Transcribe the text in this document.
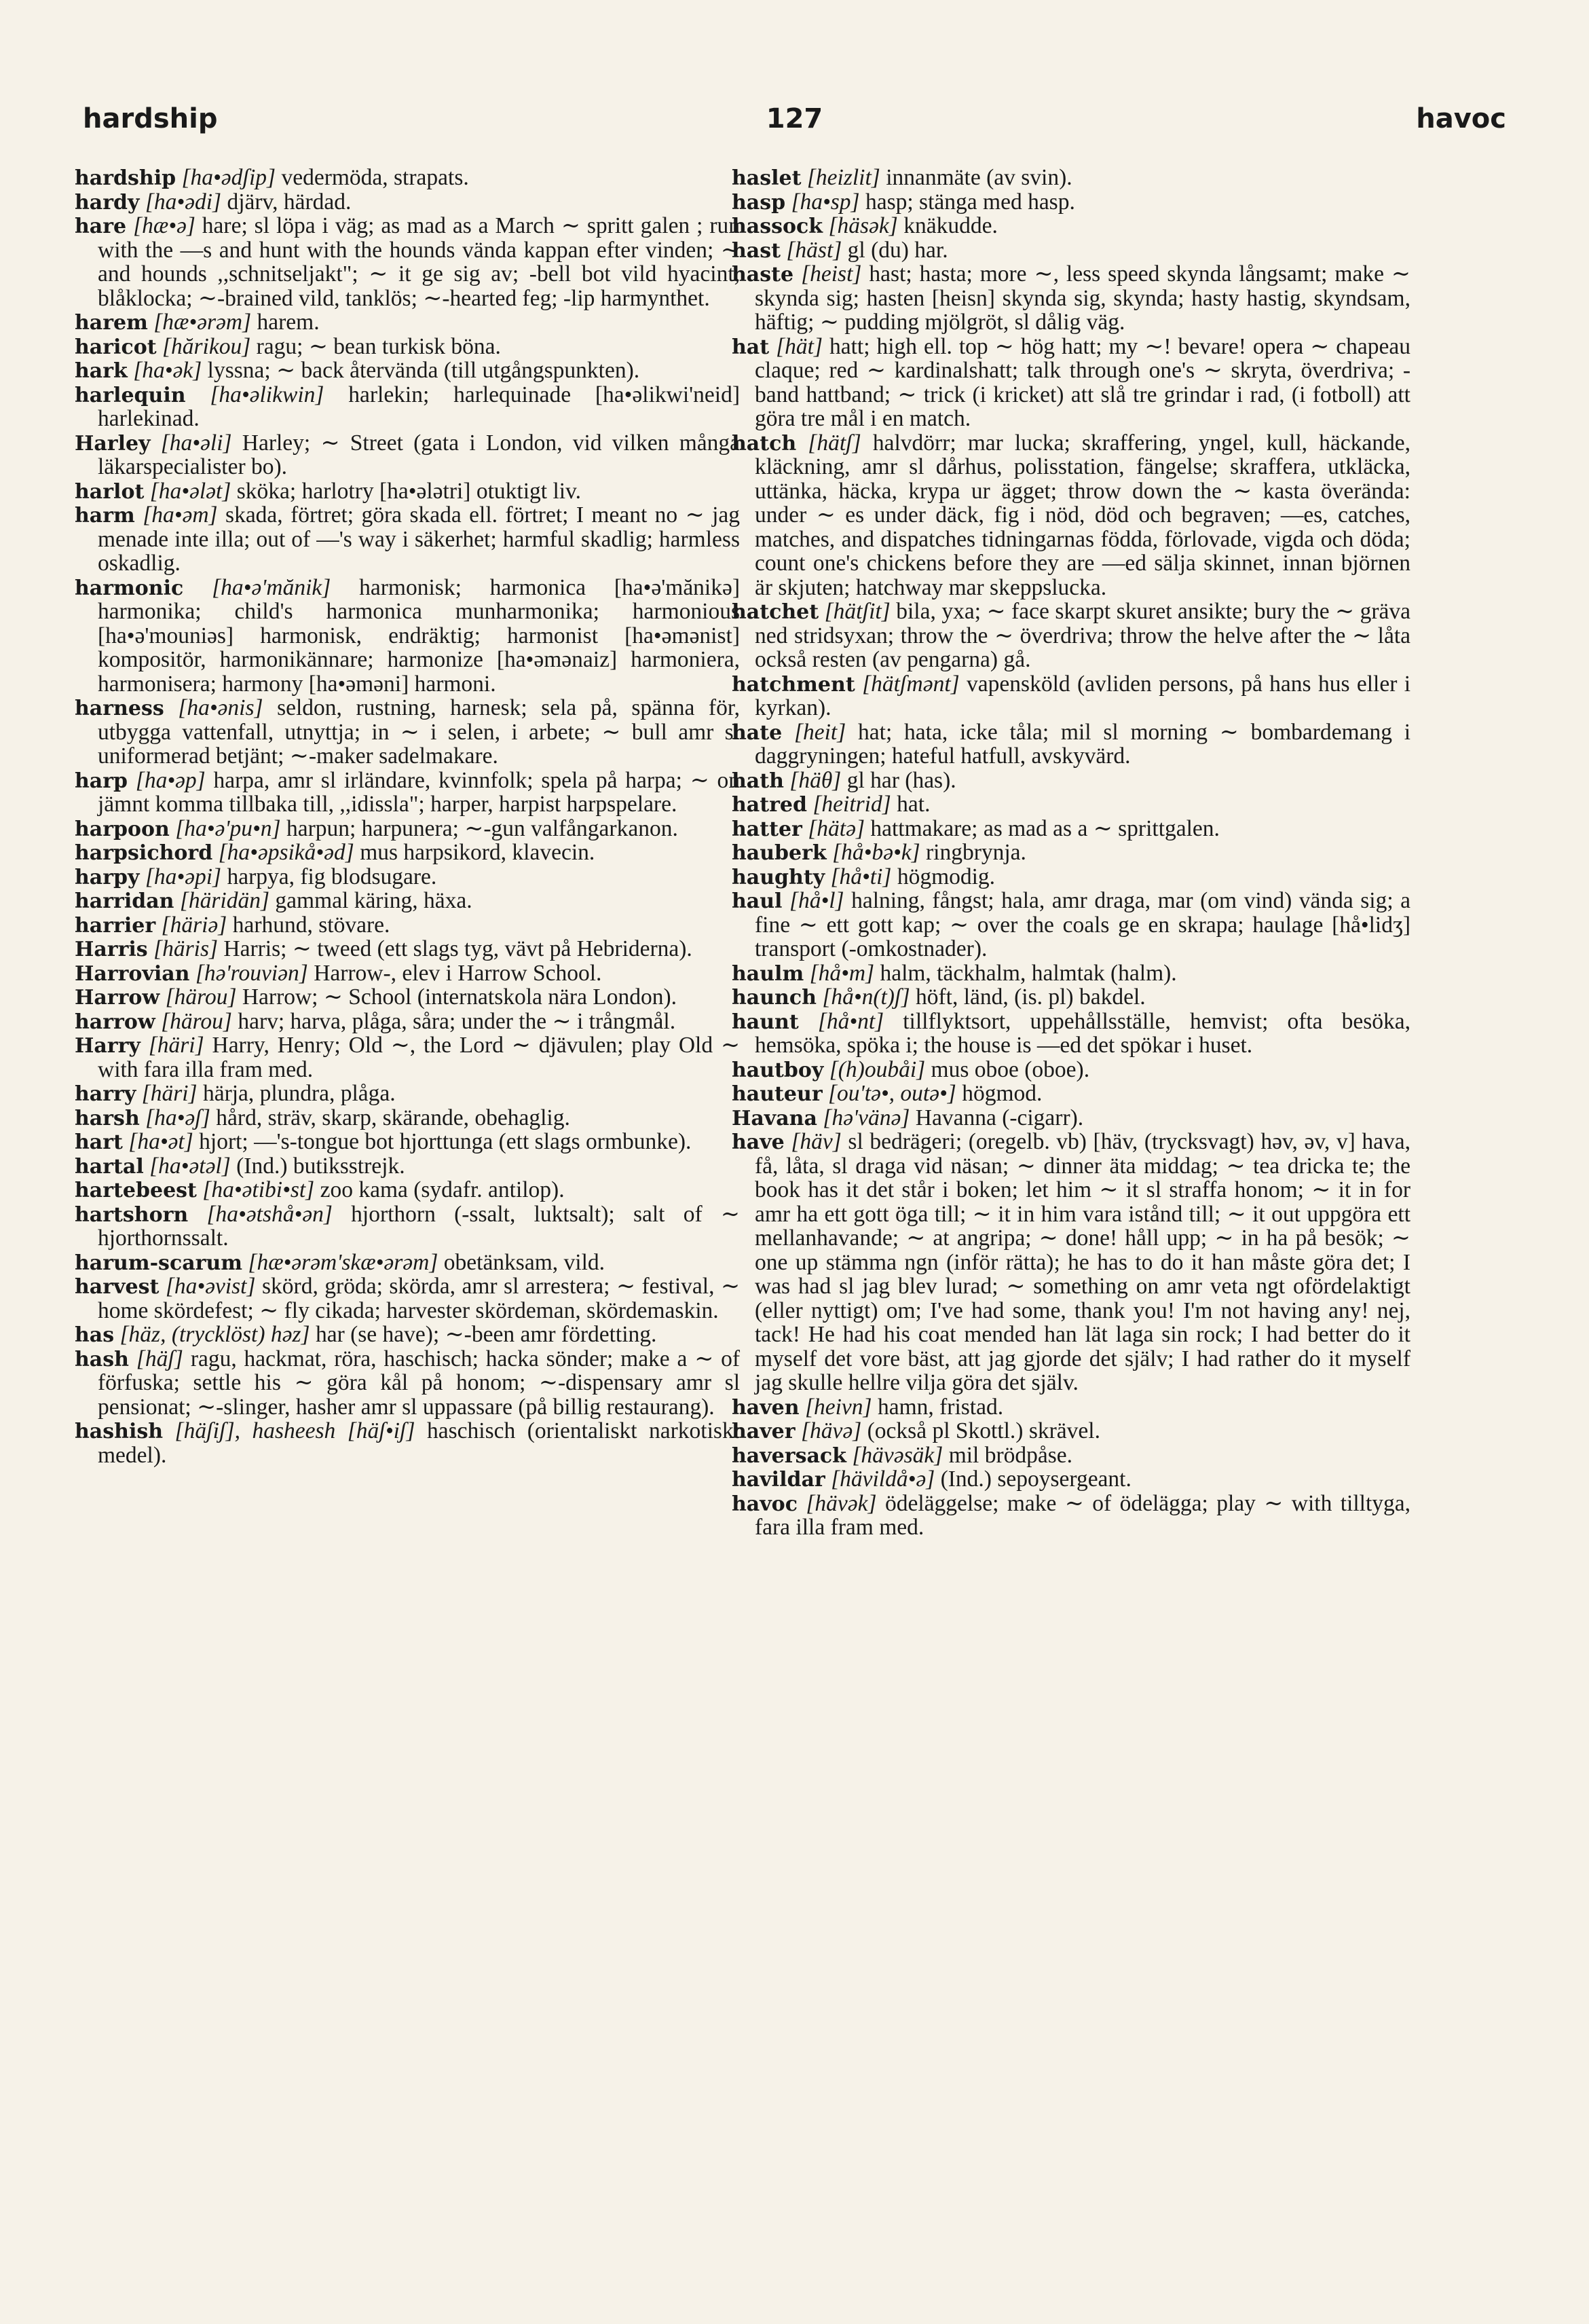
hardship	127	havoc
hardship [ha•ədʃip] vedermöda, strapats.
hardy [ha•ədi] djärv, härdad.
hare [hæ•ə] hare; sl löpa i väg; as mad as a March ∼ spritt galen ; run with the —s and hunt with the hounds vända kappan efter vinden; ∼ and hounds ,,schnitseljakt"; ∼ it ge sig av; -bell bot vild hyacint, blåklocka; ∼-brained vild, tanklös; ∼-hearted feg; -lip harmynthet.
harem [hæ•ərəm] harem.
haricot [hărikou] ragu; ∼ bean turkisk böna.
hark [ha•ək] lyssna; ∼ back återvända (till utgångspunkten).
harlequin [ha•əlikwin] harlekin; harlequinade [ha•əlikwi'neid] harlekinad.
Harley [ha•əli] Harley; ∼ Street (gata i London, vid vilken många läkarspecialister bo).
harlot [ha•ələt] sköka; harlotry [ha•ələtri] otuktigt liv.
harm [ha•əm] skada, förtret; göra skada ell. förtret; I meant no ∼ jag menade inte illa; out of —'s way i säkerhet; harmful skadlig; harmless oskadlig.
harmonic [ha•ə'mănik] harmonisk; harmonica [ha•ə'mănikə] harmonika; child's harmonica munharmonika; harmonious [ha•ə'mouniəs] harmonisk, endräktig; harmonist [ha•əmənist] kompositör, harmonikännare; harmonize [ha•əmənaiz] harmoniera, harmonisera; harmony [ha•əməni] harmoni.
harness [ha•ənis] seldon, rustning, harnesk; sela på, spänna för, utbygga vattenfall, utnyttja; in ∼ i selen, i arbete; ∼ bull amr sl uniformerad betjänt; ∼-maker sadelmakare.
harp [ha•əp] harpa, amr sl irländare, kvinnfolk; spela på harpa; ∼ on jämnt komma tillbaka till, ,,idissla"; harper, harpist harpspelare.
harpoon [ha•ə'pu•n] harpun; harpunera; ∼-gun valfångarkanon.
harpsichord [ha•əpsikå•əd] mus harpsikord, klavecin.
harpy [ha•əpi] harpya, fig blodsugare.
harridan [häridän] gammal käring, häxa.
harrier [häriə] harhund, stövare.
Harris [häris] Harris; ∼ tweed (ett slags tyg, vävt på Hebriderna).
Harrovian [hə'rouviən] Harrow-, elev i Harrow School.
Harrow [härou] Harrow; ∼ School (internatskola nära London).
harrow [härou] harv; harva, plåga, såra; under the ∼ i trångmål.
Harry [häri] Harry, Henry; Old ∼, the Lord ∼ djävulen; play Old ∼ with fara illa fram med.
harry [häri] härja, plundra, plåga.
harsh [ha•əʃ] hård, sträv, skarp, skärande, obehaglig.
hart [ha•ət] hjort; —'s-tongue bot hjorttunga (ett slags ormbunke).
hartal [ha•ətəl] (Ind.) butiksstrejk.
hartebeest [ha•ətibi•st] zoo kama (sydafr. antilop).
hartshorn [ha•ətshå•ən] hjorthorn (-ssalt, luktsalt); salt of ∼ hjorthornssalt.
harum-scarum [hæ•ərəm'skæ•ərəm] obetänksam, vild.
harvest [ha•əvist] skörd, gröda; skörda, amr sl arrestera; ∼ festival, ∼ home skördefest; ∼ fly cikada; harvester skördeman, skördemaskin.
has [häz, (trycklöst) həz] har (se have); ∼-been amr fördetting.
hash [häʃ] ragu, hackmat, röra, haschisch; hacka sönder; make a ∼ of förfuska; settle his ∼ göra kål på honom; ∼-dispensary amr sl pensionat; ∼-slinger, hasher amr sl uppassare (på billig restaurang).
hashish [häʃiʃ], hasheesh [häʃ•iʃ] haschisch (orientaliskt narkotiskt medel).
haslet [heizlit] innanmäte (av svin).
hasp [ha•sp] hasp; stänga med hasp.
hassock [häsək] knäkudde.
hast [häst] gl (du) har.
haste [heist] hast; hasta; more ∼, less speed skynda långsamt; make ∼ skynda sig; hasten [heisn] skynda sig, skynda; hasty hastig, skyndsam, häftig; ∼ pudding mjölgröt, sl dålig väg.
hat [hät] hatt; high ell. top ∼ hög hatt; my ∼! bevare! opera ∼ chapeau claque; red ∼ kardinalshatt; talk through one's ∼ skryta, överdriva; -band hattband; ∼ trick (i kricket) att slå tre grindar i rad, (i fotboll) att göra tre mål i en match.
hatch [hätʃ] halvdörr; mar lucka; skraffering, yngel, kull, häckande, kläckning, amr sl dårhus, polisstation, fängelse; skraffera, utkläcka, uttänka, häcka, krypa ur ägget; throw down the ∼ kasta överända: under ∼ es under däck, fig i nöd, död och begraven; —es, catches, matches, and dispatches tidningarnas födda, förlovade, vigda och döda; count one's chickens before they are —ed sälja skinnet, innan björnen är skjuten; hatchway mar skeppslucka.
hatchet [hätʃit] bila, yxa; ∼ face skarpt skuret ansikte; bury the ∼ gräva ned stridsyxan; throw the ∼ överdriva; throw the helve after the ∼ låta också resten (av pengarna) gå.
hatchment [hätʃmənt] vapensköld (avliden persons, på hans hus eller i kyrkan).
hate [heit] hat; hata, icke tåla; mil sl morning ∼ bombardemang i daggryningen; hateful hatfull, avskyvärd.
hath [häθ] gl har (has).
hatred [heitrid] hat.
hatter [hätə] hattmakare; as mad as a ∼ sprittgalen.
hauberk [hå•bə•k] ringbrynja.
haughty [hå•ti] högmodig.
haul [hå•l] halning, fångst; hala, amr draga, mar (om vind) vända sig; a fine ∼ ett gott kap; ∼ over the coals ge en skrapa; haulage [hå•lidʒ] transport (-omkostnader).
haulm [hå•m] halm, täckhalm, halmtak (halm).
haunch [hå•n(t)ʃ] höft, länd, (is. pl) bakdel.
haunt [hå•nt] tillflyktsort, uppehållsställe, hemvist; ofta besöka, hemsöka, spöka i; the house is —ed det spökar i huset.
hautboy [(h)oubåi] mus oboe (oboe).
hauteur [ou'tə•, outə•] högmod.
Havana [hə'vänə] Havanna (-cigarr).
have [häv] sl bedrägeri; (oregelb. vb) [häv, (trycksvagt) həv, əv, v] hava, få, låta, sl draga vid näsan; ∼ dinner äta middag; ∼ tea dricka te; the book has it det står i boken; let him ∼ it sl straffa honom; ∼ it in for amr ha ett gott öga till; ∼ it in him vara istånd till; ∼ it out uppgöra ett mellanhavande; ∼ at angripa; ∼ done! håll upp; ∼ in ha på besök; ∼ one up stämma ngn (inför rätta); he has to do it han måste göra det; I was had sl jag blev lurad; ∼ something on amr veta ngt ofördelaktigt (eller nyttigt) om; I've had some, thank you! I'm not having any! nej, tack! He had his coat mended han lät laga sin rock; I had better do it myself det vore bäst, att jag gjorde det själv; I had rather do it myself jag skulle hellre vilja göra det själv.
haven [heivn] hamn, fristad.
haver [hävə] (också pl Skottl.) skrävel.
haversack [hävəsäk] mil brödpåse.
havildar [hävildå•ə] (Ind.) sepoysergeant.
havoc [hävək] ödeläggelse; make ∼ of ödelägga; play ∼ with tilltyga, fara illa fram med.
